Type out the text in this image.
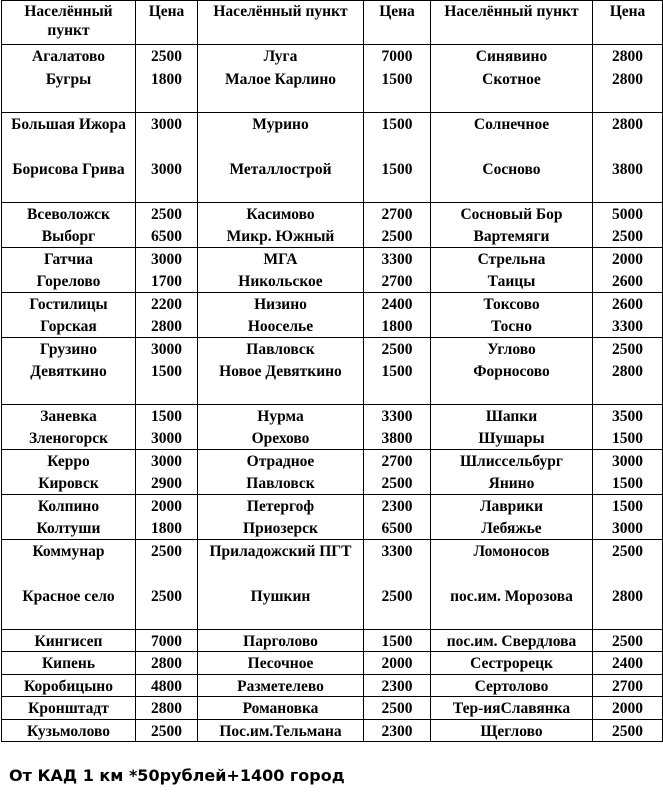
Населённый пункт	Цена	Населённый пункт	Цена	Населённый пункт	Цена
Агалатово	2500	Луга	7000	Синявино	2800
Бугры	1800	Малое Карлино	1500	Скотное	2800
Большая Ижора	3000	Мурино	1500	Солнечное	2800
Борисова Грива	3000	Металлострой	1500	Сосново	3800
Всеволожск	2500	Касимово	2700	Сосновый Бор	5000
Выборг	6500	Микр. Южный	2500	Вартемяги	2500
Гатчиа	3000	МГА	3300	Стрельна	2000
Горелово	1700	Никольское	2700	Таицы	2600
Гостилицы	2200	Низино	2400	Токсово	2600
Горская	2800	Нооселье	1800	Тосно	3300
Грузино	3000	Павловск	2500	Углово	2500
Девяткино	1500	Новое Девяткино	1500	Форносово	2800
Заневка	1500	Нурма	3300	Шапки	3500
Зленогорск	3000	Орехово	3800	Шушары	1500
Керро	3000	Отрадное	2700	Шлиссельбург	3000
Кировск	2900	Павловск	2500	Янино	1500
Колпино	2000	Петергоф	2300	Лаврики	1500
Колтуши	1800	Приозерск	6500	Лебяжье	3000
Коммунар	2500	Приладожский ПГТ	3300	Ломоносов	2500
Красное село	2500	Пушкин	2500	пос.им. Морозова	2800
Кингисеп	7000	Парголово	1500	пос.им. Свердлова	2500
Кипень	2800	Песочное	2000	Сестрорецк	2400
Коробицыно	4800	Разметелево	2300	Сертолово	2700
Кронштадт	2800	Романовка	2500	Тер-ияСлавянка	2000
Кузьмолово	2500	Пос.им.Тельмана	2300	Щеглово	2500
От КАД 1 км *50рублей+1400 город
